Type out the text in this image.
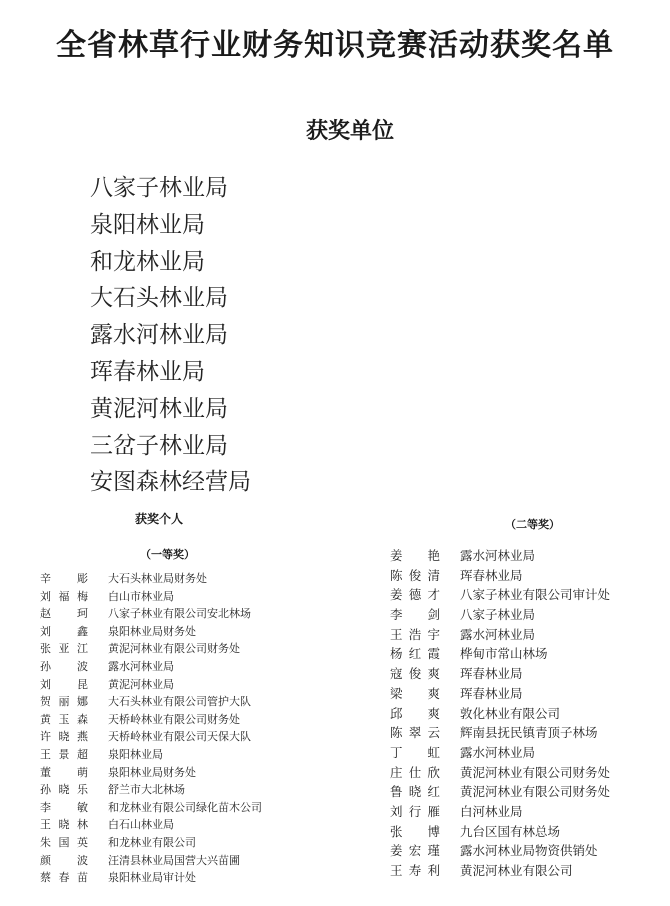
全省林草行业财务知识竞赛活动获奖名单
获奖单位
八家子林业局
泉阳林业局
和龙林业局
大石头林业局
露水河林业局
珲春林业局
黄泥河林业局
三岔子林业局
安图森林经营局
获奖个人
（一等奖）
辛 彫 大石头林业局财务处
刘福梅 白山市林业局
赵 珂 八家子林业有限公司安北林场
刘 鑫 泉阳林业局财务处
张亚江 黄泥河林业有限公司财务处
孙 波 露水河林业局
刘 昆 黄泥河林业局
贺丽娜 大石头林业有限公司管护大队
黄玉森 天桥岭林业有限公司财务处
许晓燕 天桥岭林业有限公司天保大队
王景超 泉阳林业局
董 萌 泉阳林业局财务处
孙晓乐 舒兰市大北林场
李 敏 和龙林业有限公司绿化苗木公司
王晓林 白石山林业局
朱国英 和龙林业有限公司
颜 波 汪清县林业局国营大兴苗圃
蔡春苗 泉阳林业局审计处
（二等奖）
姜 艳 露水河林业局
陈俊清 珲春林业局
姜德才 八家子林业有限公司审计处
李 剑 八家子林业局
王浩宇 露水河林业局
杨红霞 桦甸市常山林场
寇俊爽 珲春林业局
梁 爽 珲春林业局
邱 爽 敦化林业有限公司
陈翠云 辉南县抚民镇青顶子林场
丁 虹 露水河林业局
庄仕欣 黄泥河林业有限公司财务处
鲁晓红 黄泥河林业有限公司财务处
刘行雁 白河林业局
张 博 九台区国有林总场
姜宏瑾 露水河林业局物资供销处
王寿利 黄泥河林业有限公司
